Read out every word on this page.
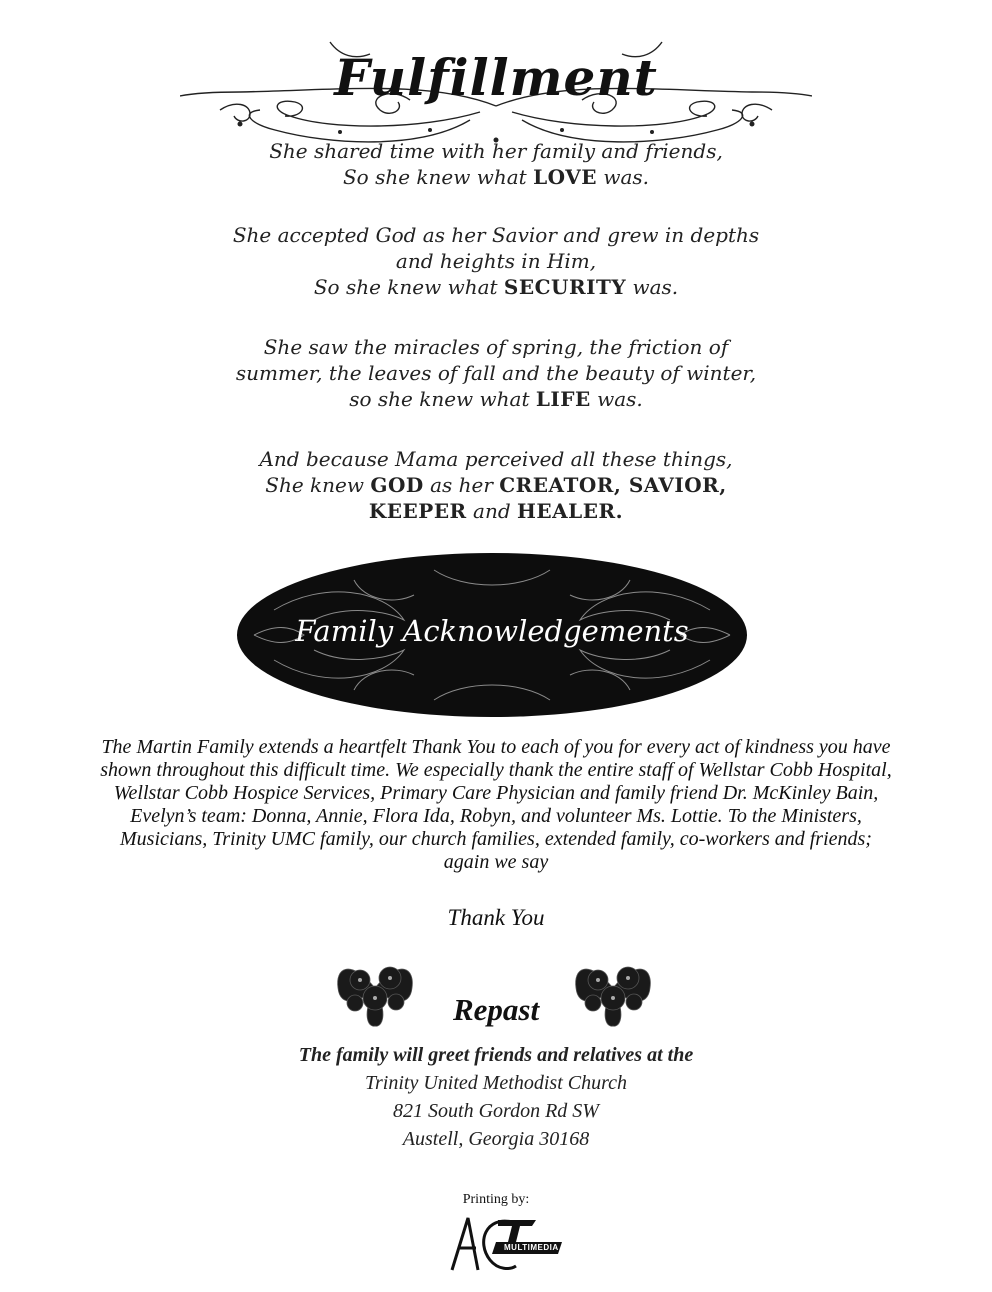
Fulfillment
She shared time with her family and friends,
So she knew what LOVE was.
She accepted God as her Savior and grew in depths
and heights in Him,
So she knew what SECURITY was.
She saw the miracles of spring, the friction of
summer, the leaves of fall and the beauty of winter,
so she knew what LIFE was.
And because Mama perceived all these things,
She knew GOD as her CREATOR, SAVIOR,
KEEPER and HEALER.
Family Acknowledgements
The Martin Family extends a heartfelt Thank You to each of you for every act of kindness you have
shown throughout this difficult time. We especially thank the entire staff of Wellstar Cobb Hospital,
Wellstar Cobb Hospice Services, Primary Care Physician and family friend Dr. McKinley Bain,
Evelyn’s team: Donna, Annie, Flora Ida, Robyn, and volunteer Ms. Lottie. To the Ministers,
Musicians, Trinity UMC family, our church families, extended family, co-workers and friends;
again we say
Thank You
Repast
The family will greet friends and relatives at the
Trinity United Methodist Church
821 South Gordon Rd SW
Austell, Georgia 30168
Printing by:
MULTIMEDIA
